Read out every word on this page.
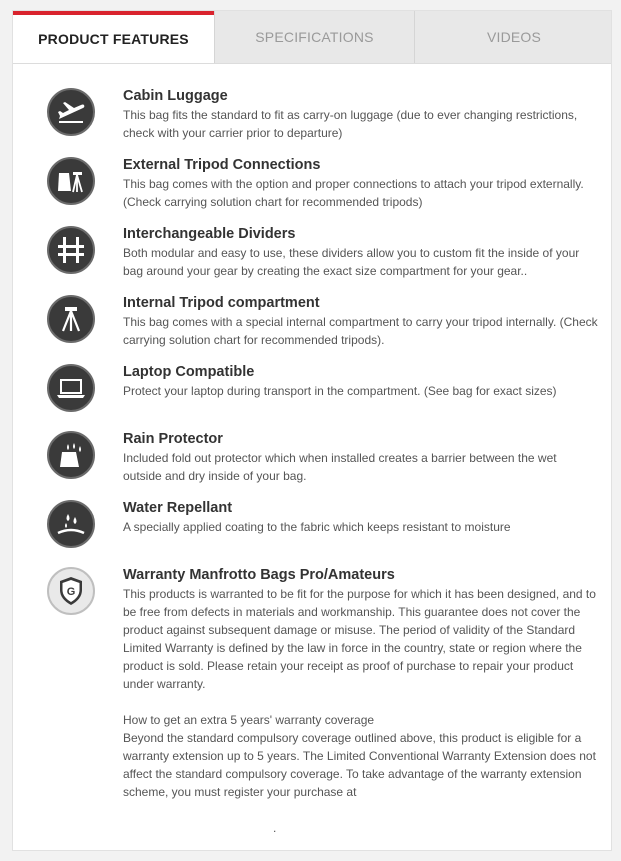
PRODUCT FEATURES	SPECIFICATIONS	VIDEOS
Cabin Luggage
This bag fits the standard to fit as carry-on luggage (due to ever changing restrictions, check with your carrier prior to departure)
External Tripod Connections
This bag comes with the option and proper connections to attach your tripod externally.(Check carrying solution chart for recommended tripods)
Interchangeable Dividers
Both modular and easy to use, these dividers allow you to custom fit the inside of your bag around your gear by creating the exact size compartment for your gear..
Internal Tripod compartment
This bag comes with a special internal compartment to carry your tripod internally. (Check carrying solution chart for recommended tripods).
Laptop Compatible
Protect your laptop during transport in the compartment. (See bag for exact sizes)
Rain Protector
Included fold out protector which when installed creates a barrier between the wet outside and dry inside of your bag.
Water Repellant
A specially applied coating to the fabric which keeps resistant to moisture
G
Warranty Manfrotto Bags Pro/Amateurs

This products is warranted to be fit for the purpose for which it has been designed, and to be free from defects in materials and workmanship. This guarantee does not cover the product against subsequent damage or misuse. The period of validity of the Standard Limited Warranty is defined by the law in force in the country, state or region where the product is sold. Please retain your receipt as proof of purchase to repair your product under warranty.

How to get an extra 5 years' warranty coverage

Beyond the standard compulsory coverage outlined above, this product is eligible for a warranty extension up to 5 years. The Limited Conventional Warranty Extension does not affect the standard compulsory coverage. To take advantage of the warranty extension scheme, you must register your purchase at

.
